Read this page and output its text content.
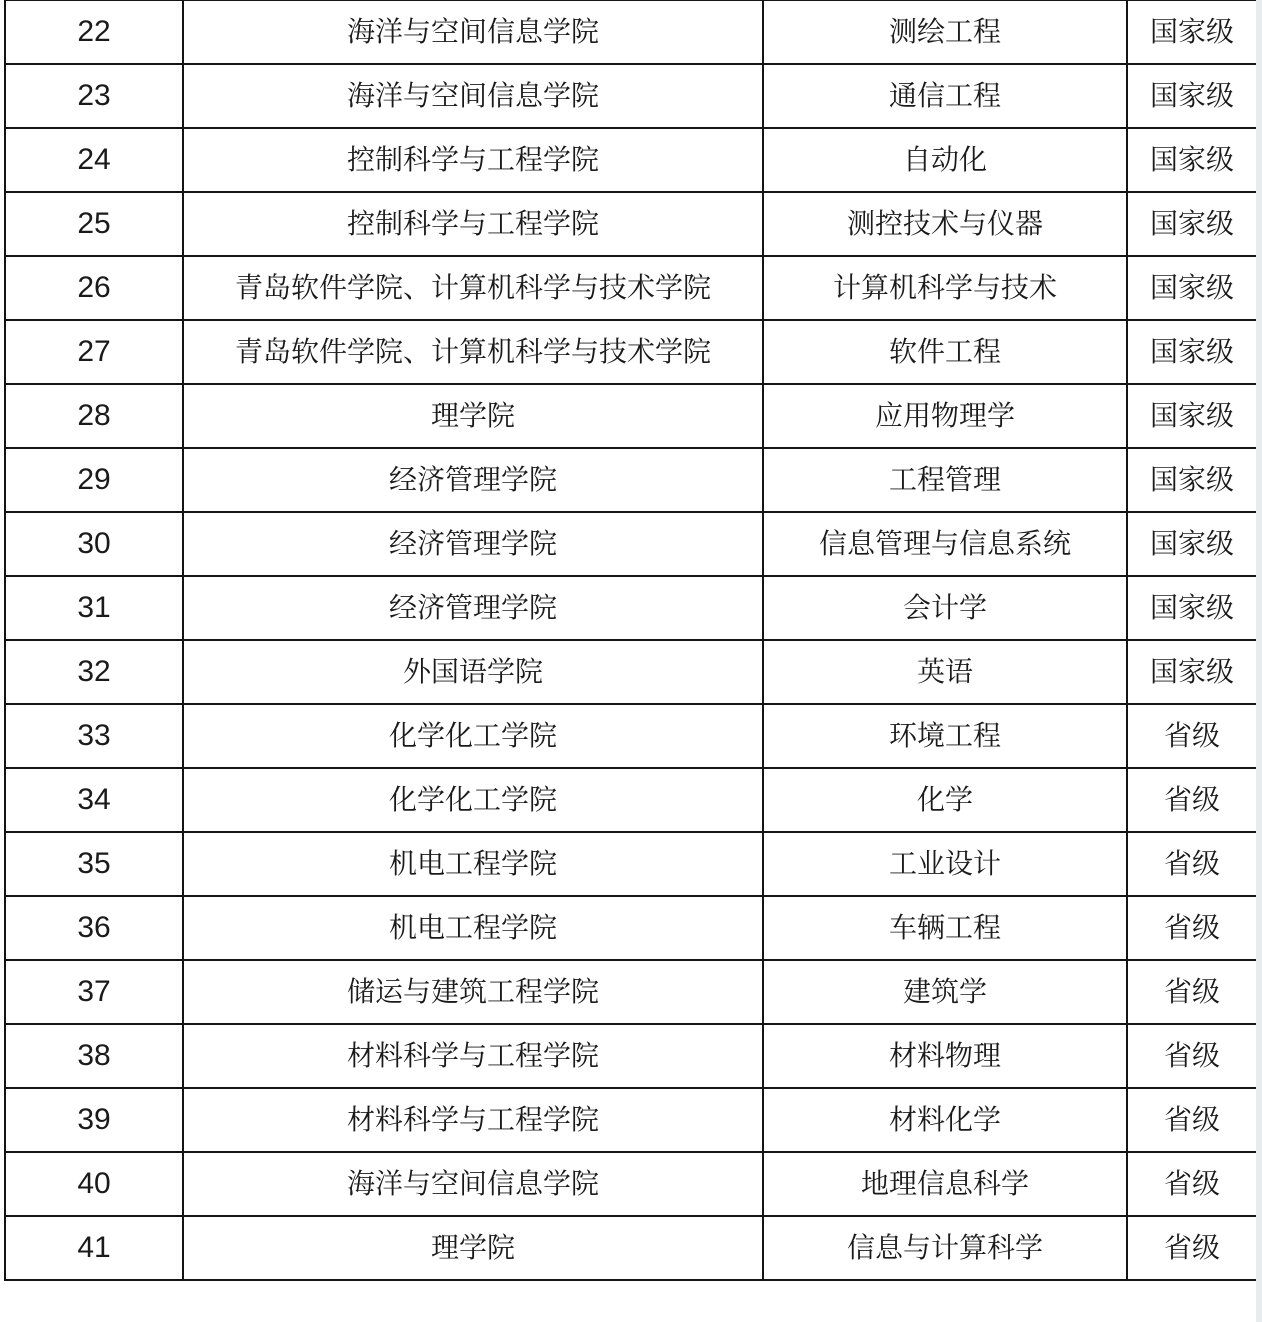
22	海洋与空间信息学院	测绘工程	国家级
23	海洋与空间信息学院	通信工程	国家级
24	控制科学与工程学院	自动化	国家级
25	控制科学与工程学院	测控技术与仪器	国家级
26	青岛软件学院、计算机科学与技术学院	计算机科学与技术	国家级
27	青岛软件学院、计算机科学与技术学院	软件工程	国家级
28	理学院	应用物理学	国家级
29	经济管理学院	工程管理	国家级
30	经济管理学院	信息管理与信息系统	国家级
31	经济管理学院	会计学	国家级
32	外国语学院	英语	国家级
33	化学化工学院	环境工程	省级
34	化学化工学院	化学	省级
35	机电工程学院	工业设计	省级
36	机电工程学院	车辆工程	省级
37	储运与建筑工程学院	建筑学	省级
38	材料科学与工程学院	材料物理	省级
39	材料科学与工程学院	材料化学	省级
40	海洋与空间信息学院	地理信息科学	省级
41	理学院	信息与计算科学	省级
